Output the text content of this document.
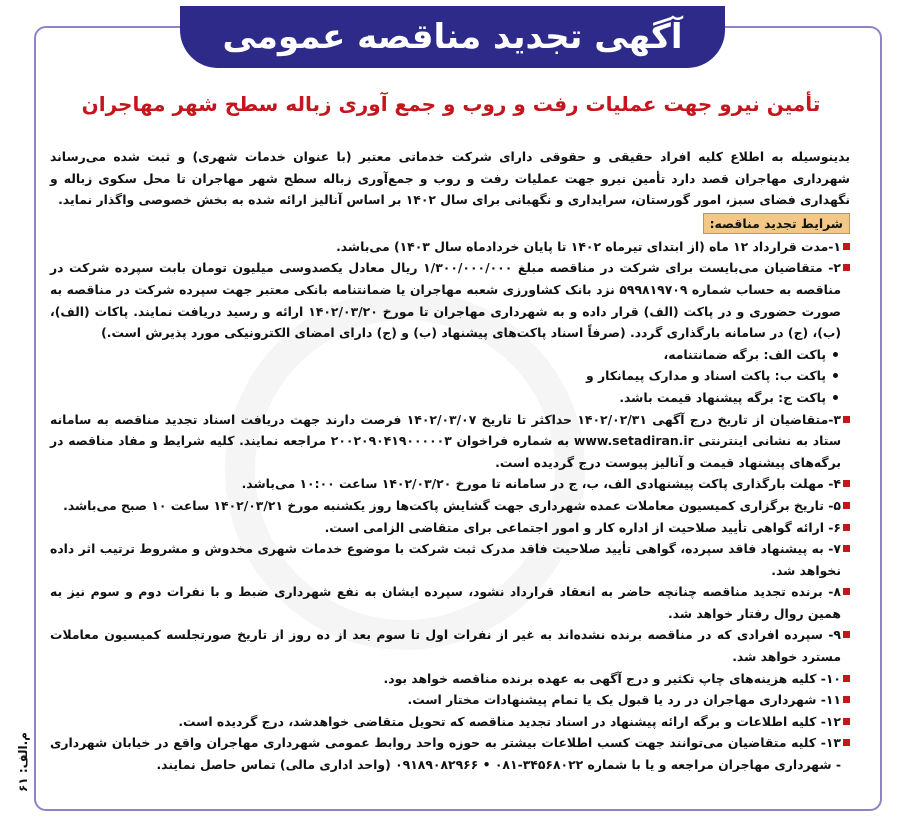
آگهی تجدید مناقصه عمومی
تأمین نیرو جهت عملیات رفت و روب و جمع آوری زباله سطح شهر مهاجران

بدینوسیله به اطلاع کلیه افراد حقیقی و حقوقی دارای شرکت خدماتی معتبر (با عنوان خدمات شهری) و ثبت شده می‌رساند شهرداری مهاجران قصد دارد تأمین نیرو جهت عملیات رفت و روب و جمع‌آوری زباله سطح شهر مهاجران تا محل سکوی زباله و نگهداری فضای سبز، امور گورستان، سرایداری و نگهبانی برای سال ۱۴۰۲ بر اساس آنالیز ارائه شده به بخش خصوصی واگذار نماید.

شرایط تجدید مناقصه:

۱-مدت قرارداد ۱۲ ماه (از ابتدای تیرماه ۱۴۰۲ تا پایان خردادماه سال ۱۴۰۳) می‌باشد.

۲- متقاضیان می‌بایست برای شرکت در مناقصه مبلغ ۱/۳۰۰/۰۰۰/۰۰۰ ریال معادل یکصدوسی میلیون تومان بابت سپرده شرکت در مناقصه به حساب شماره ۵۹۹۸۱۹۷۰۹ نزد بانک کشاورزی شعبه مهاجران یا ضمانتنامه بانکی معتبر جهت سپرده شرکت در مناقصه به صورت حضوری و در پاکت (الف) قرار داده و به شهرداری مهاجران تا مورخ ۱۴۰۲/۰۳/۲۰ ارائه و رسید دریافت نمایند. پاکات (الف)، (ب)، (ج) در سامانه بارگذاری گردد. (صرفاً اسناد پاکت‌های پیشنهاد (ب) و (ج) دارای امضای الکترونیکی مورد پذیرش است.)

پاکت الف: برگه ضمانتنامه،

پاکت ب: پاکت اسناد و مدارک پیمانکار و

پاکت ج: برگه پیشنهاد قیمت باشد.

۳-متقاضیان از تاریخ درج آگهی ۱۴۰۲/۰۲/۳۱ حداکثر تا تاریخ ۱۴۰۲/۰۳/۰۷ فرصت دارند جهت دریافت اسناد تجدید مناقصه به سامانه ستاد به نشانی اینترنتی www.setadiran.ir به شماره فراخوان ۲۰۰۲۰۹۰۴۱۹۰۰۰۰۰۳ مراجعه نمایند. کلیه شرایط و مفاد مناقصه در برگه‌های پیشنهاد قیمت و آنالیز پیوست درج گردیده است.

۴- مهلت بارگذاری پاکت پیشنهادی الف، ب، ج در سامانه تا مورخ ۱۴۰۲/۰۳/۲۰ ساعت ۱۰:۰۰ می‌باشد.

۵- تاریخ برگزاری کمیسیون معاملات عمده شهرداری جهت گشایش پاکت‌ها روز یکشنبه مورخ ۱۴۰۲/۰۳/۲۱ ساعت ۱۰ صبح می‌باشد.

۶- ارائه گواهی تأیید صلاحیت از اداره کار و امور اجتماعی برای متقاضی الزامی است.

۷- به پیشنهاد فاقد سپرده، گواهی تأیید صلاحیت فاقد مدرک ثبت شرکت با موضوع خدمات شهری مخدوش و مشروط ترتیب اثر داده نخواهد شد.

۸- برنده تجدید مناقصه چنانچه حاضر به انعقاد قرارداد نشود، سپرده ایشان به نفع شهرداری ضبط و با نفرات دوم و سوم نیز به همین روال رفتار خواهد شد.

۹- سپرده افرادی که در مناقصه برنده نشده‌اند به غیر از نفرات اول تا سوم بعد از ده روز از تاریخ صورتجلسه کمیسیون معاملات مسترد خواهد شد.

۱۰- کلیه هزینه‌های چاپ تکثیر و درج آگهی به عهده برنده مناقصه خواهد بود.

۱۱- شهرداری مهاجران در رد یا قبول یک یا تمام پیشنهادات مختار است.

۱۲- کلیه اطلاعات و برگه ارائه پیشنهاد در اسناد تجدید مناقصه که تحویل متقاضی خواهد‌شد، درج گردیده است.

۱۳- کلیه متقاضیان می‌توانند جهت کسب اطلاعات بیشتر به حوزه واحد روابط عمومی شهرداری مهاجران واقع در خیابان شهرداری - شهرداری مهاجران مراجعه و یا با شماره ۳۴۵۶۸۰۲۲-۰۸۱ • ۰۹۱۸۹۰۸۲۹۶۶ (واحد اداری مالی) تماس حاصل نمایند.

م.الف: ۶۱
